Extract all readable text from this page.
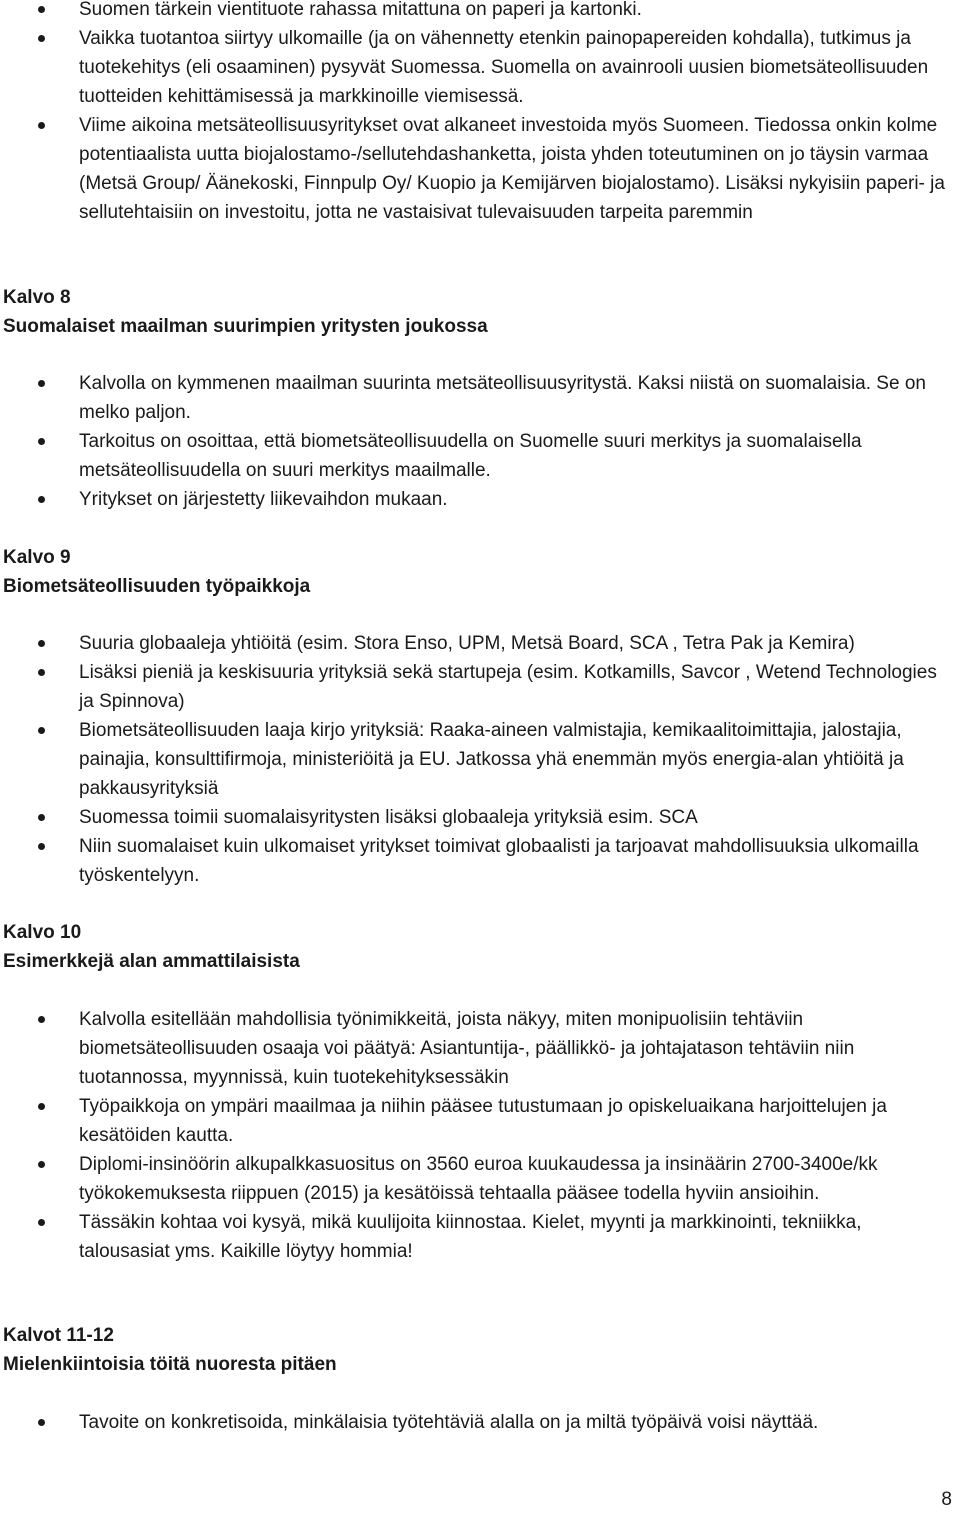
Suomen tärkein vientituote rahassa mitattuna on paperi ja kartonki.
Vaikka tuotantoa siirtyy ulkomaille (ja on vähennetty etenkin painopapereiden kohdalla), tutkimus ja tuotekehitys (eli osaaminen) pysyvät Suomessa. Suomella on avainrooli uusien biometsäteollisuuden tuotteiden kehittämisessä ja markkinoille viemisessä.
Viime aikoina metsäteollisuusyritykset ovat alkaneet investoida myös Suomeen. Tiedossa onkin kolme potentiaalista uutta biojalostamo-/sellutehdashanketta, joista yhden toteutuminen on jo täysin varmaa (Metsä Group/ Äänekoski, Finnpulp Oy/ Kuopio ja Kemijärven biojalostamo). Lisäksi nykyisiin paperi- ja sellutehtaisiin on investoitu, jotta ne vastaisivat tulevaisuuden tarpeita paremmin
Kalvo 8
Suomalaiset maailman suurimpien yritysten joukossa
Kalvolla on kymmenen maailman suurinta metsäteollisuusyritystä. Kaksi niistä on suomalaisia. Se on melko paljon.
Tarkoitus on osoittaa, että biometsäteollisuudella on Suomelle suuri merkitys ja suomalaisella metsäteollisuudella on suuri merkitys maailmalle.
Yritykset on järjestetty liikevaihdon mukaan.
Kalvo 9
Biometsäteollisuuden työpaikkoja
Suuria globaaleja yhtiöitä (esim. Stora Enso, UPM, Metsä Board, SCA , Tetra Pak ja Kemira)
Lisäksi pieniä ja keskisuuria yrityksiä sekä startupeja (esim. Kotkamills, Savcor , Wetend Technologies ja Spinnova)
Biometsäteollisuuden laaja kirjo yrityksiä: Raaka-aineen valmistajia, kemikaalitoimittajia, jalostajia, painajia, konsulttifirmoja, ministeriöitä ja EU. Jatkossa yhä enemmän myös energia-alan yhtiöitä ja pakkausyrityksiä
Suomessa toimii suomalaisyritysten lisäksi globaaleja yrityksiä esim. SCA
Niin suomalaiset kuin ulkomaiset yritykset toimivat globaalisti ja tarjoavat mahdollisuuksia ulkomailla työskentelyyn.
Kalvo 10
Esimerkkejä alan ammattilaisista
Kalvolla esitellään mahdollisia työnimikkeitä, joista näkyy, miten monipuolisiin tehtäviin biometsäteollisuuden osaaja voi päätyä: Asiantuntija-, päällikkö- ja johtajatason tehtäviin niin tuotannossa, myynnissä, kuin tuotekehityksessäkin
Työpaikkoja on ympäri maailmaa ja niihin pääsee tutustumaan jo opiskeluaikana harjoittelujen ja kesätöiden kautta.
Diplomi-insinöörin alkupalkkasuositus on 3560 euroa kuukaudessa ja insinäärin 2700-3400e/kk työkokemuksesta riippuen (2015) ja kesätöissä tehtaalla pääsee todella hyviin ansioihin.
Tässäkin kohtaa voi kysyä, mikä kuulijoita kiinnostaa. Kielet, myynti ja markkinointi, tekniikka, talousasiat yms. Kaikille löytyy hommia!
Kalvot 11-12
Mielenkiintoisia töitä nuoresta pitäen
Tavoite on konkretisoida, minkälaisia työtehtäviä alalla on ja miltä työpäivä voisi näyttää.
8
